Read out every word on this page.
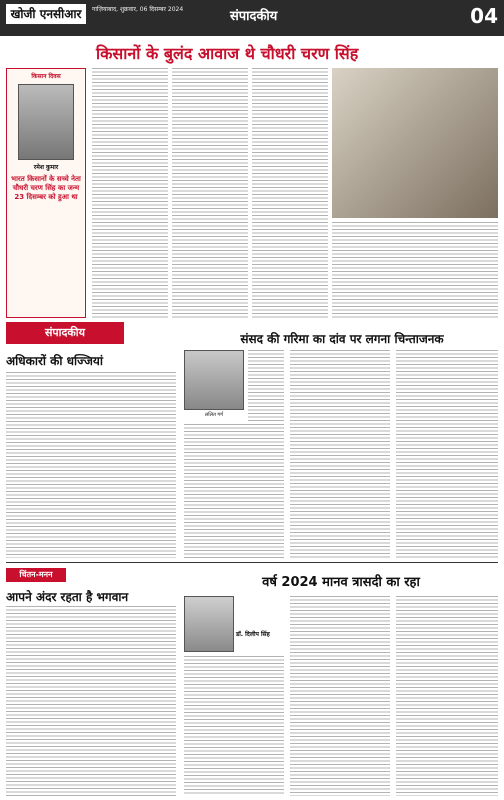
खोजी एनसीआर	गाज़ियाबाद, शुक्रवार, 06 दिसम्बर 2024	संपादकीय	04
किसानों के बुलंद आवाज थे चौधरी चरण सिंह
किसान दिवस
रमेश कुमार
भारत किसानों के सच्चे नेता चौधरी चरण सिंह का जन्म 23 दिसम्बर को हुआ था
संपादकीय
अधिकारों की धज्जियां
संसद की गरिमा का दांव पर लगना चिन्ताजनक
ललित गर्ग
चिंतन-मनन
आपने अंदर रहता है भगवान
वर्ष 2024 मानव त्रासदी का रहा
डॉ. दिलीप सिंह
